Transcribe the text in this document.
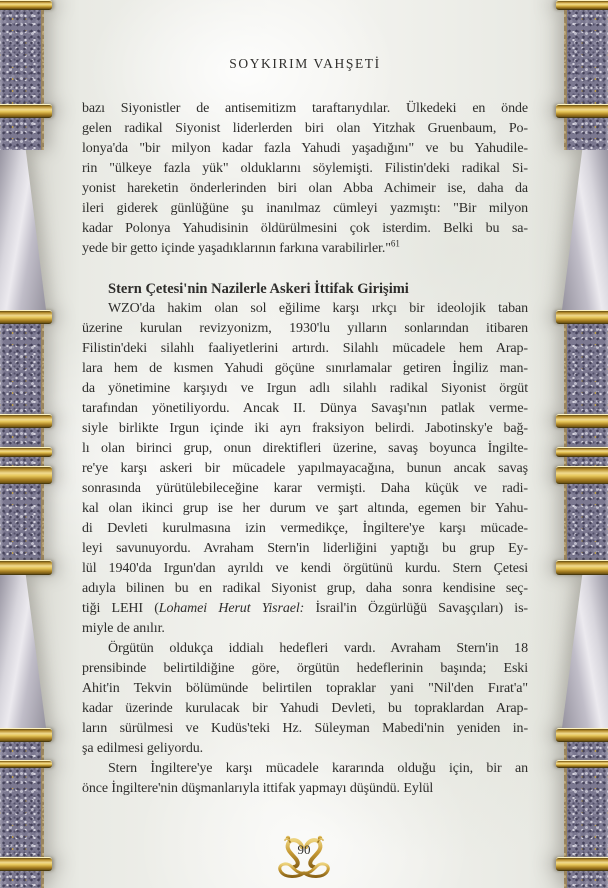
SOYKIRIM VAHŞETİ
bazı Siyonistler de antisemitizm taraftarıydılar. Ülkedeki en önde
gelen radikal Siyonist liderlerden biri olan Yitzhak Gruenbaum, Po-
lonya'da "bir milyon kadar fazla Yahudi yaşadığını" ve bu Yahudile-
rin "ülkeye fazla yük" olduklarını söylemişti. Filistin'deki radikal Si-
yonist hareketin önderlerinden biri olan Abba Achimeir ise, daha da
ileri giderek günlüğüne şu inanılmaz cümleyi yazmıştı: "Bir milyon
kadar Polonya Yahudisinin öldürülmesini çok isterdim. Belki bu sa-
yede bir getto içinde yaşadıklarının farkına varabilirler."$^{61}$
Stern Çetesi'nin Nazilerle Askeri İttifak Girişimi
WZO'da hakim olan sol eğilime karşı ırkçı bir ideolojik taban
üzerine kurulan revizyonizm, 1930'lu yılların sonlarından itibaren
Filistin'deki silahlı faaliyetlerini artırdı. Silahlı mücadele hem Arap-
lara hem de kısmen Yahudi göçüne sınırlamalar getiren İngiliz man-
da yönetimine karşıydı ve Irgun adlı silahlı radikal Siyonist örgüt
tarafından yönetiliyordu. Ancak II. Dünya Savaşı'nın patlak verme-
siyle birlikte Irgun içinde iki ayrı fraksiyon belirdi. Jabotinsky'e bağ-
lı olan birinci grup, onun direktifleri üzerine, savaş boyunca İngilte-
re'ye karşı askeri bir mücadele yapılmayacağına, bunun ancak savaş
sonrasında yürütülebileceğine karar vermişti. Daha küçük ve radi-
kal olan ikinci grup ise her durum ve şart altında, egemen bir Yahu-
di Devleti kurulmasına izin vermedikçe, İngiltere'ye karşı mücade-
leyi savunuyordu. Avraham Stern'in liderliğini yaptığı bu grup Ey-
lül 1940'da Irgun'dan ayrıldı ve kendi örgütünü kurdu. Stern Çetesi
adıyla bilinen bu en radikal Siyonist grup, daha sonra kendisine seç-
tiği LEHI (Lohamei Herut Yisrael: İsrail'in Özgürlüğü Savaşçıları) is-
miyle de anılır.
Örgütün oldukça iddialı hedefleri vardı. Avraham Stern'in 18
prensibinde belirtildiğine göre, örgütün hedeflerinin başında; Eski
Ahit'in Tekvin bölümünde belirtilen topraklar yani "Nil'den Fırat'a"
kadar üzerinde kurulacak bir Yahudi Devleti, bu topraklardan Arap-
ların sürülmesi ve Kudüs'teki Hz. Süleyman Mabedi'nin yeniden in-
şa edilmesi geliyordu.
Stern İngiltere'ye karşı mücadele kararında olduğu için, bir an
önce İngiltere'nin düşmanlarıyla ittifak yapmayı düşündü. Eylül
90
